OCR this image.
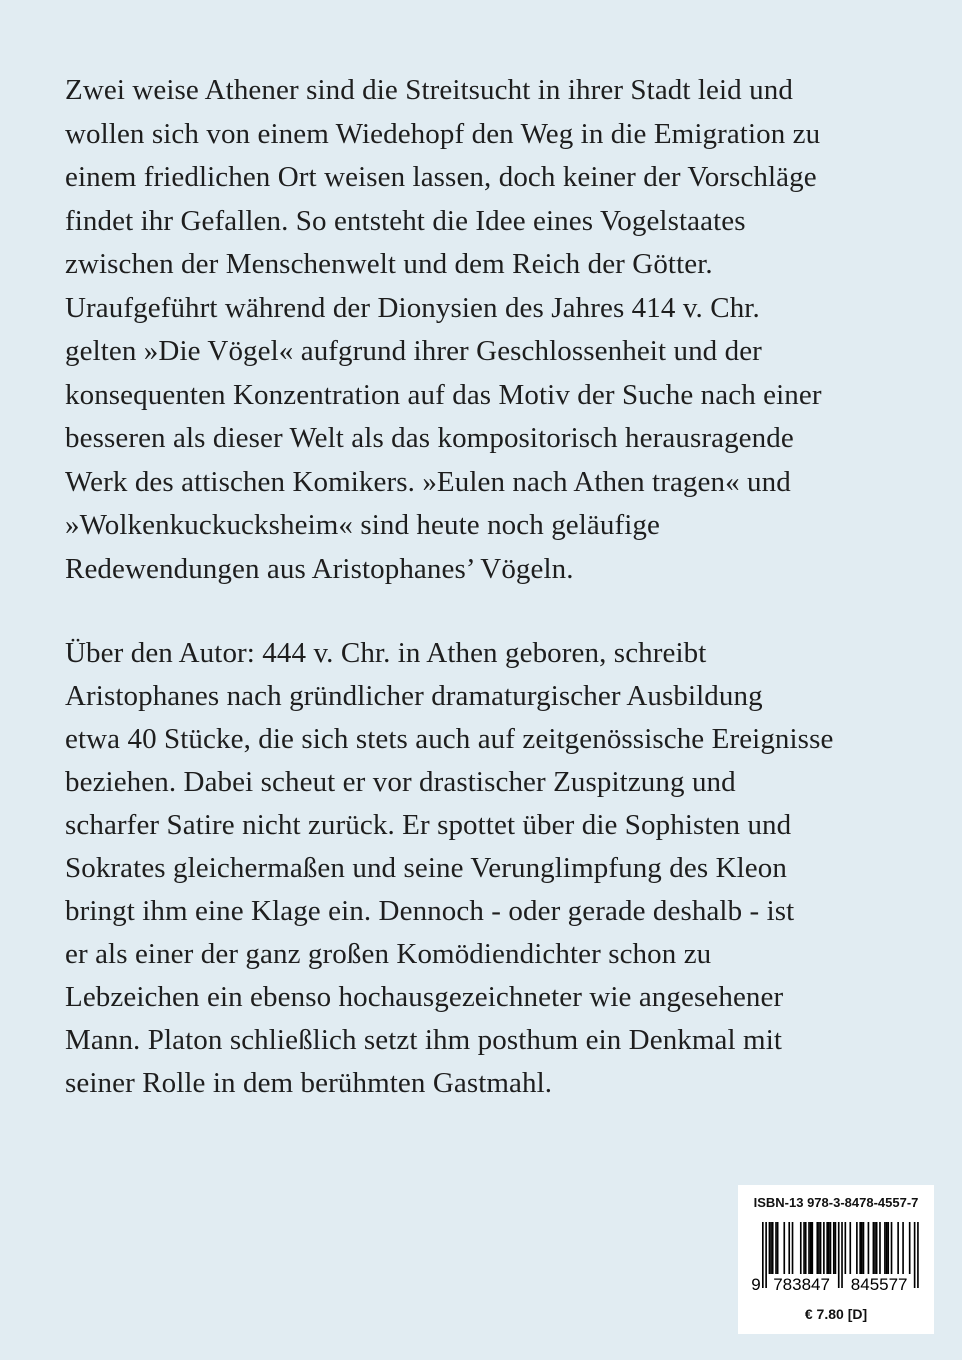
Zwei weise Athener sind die Streitsucht in ihrer Stadt leid und
wollen sich von einem Wiedehopf den Weg in die Emigration zu
einem friedlichen Ort weisen lassen, doch keiner der Vorschläge
findet ihr Gefallen. So entsteht die Idee eines Vogelstaates
zwischen der Menschenwelt und dem Reich der Götter.
Uraufgeführt während der Dionysien des Jahres 414 v. Chr.
gelten »Die Vögel« aufgrund ihrer Geschlossenheit und der
konsequenten Konzentration auf das Motiv der Suche nach einer
besseren als dieser Welt als das kompositorisch herausragende
Werk des attischen Komikers. »Eulen nach Athen tragen« und
»Wolkenkuckucksheim« sind heute noch geläufige
Redewendungen aus Aristophanes’ Vögeln.
Über den Autor: 444 v. Chr. in Athen geboren, schreibt
Aristophanes nach gründlicher dramaturgischer Ausbildung
etwa 40 Stücke, die sich stets auch auf zeitgenössische Ereignisse
beziehen. Dabei scheut er vor drastischer Zuspitzung und
scharfer Satire nicht zurück. Er spottet über die Sophisten und
Sokrates gleichermaßen und seine Verunglimpfung des Kleon
bringt ihm eine Klage ein. Dennoch - oder gerade deshalb - ist
er als einer der ganz großen Komödiendichter schon zu
Lebzeichen ein ebenso hochausgezeichneter wie angesehener
Mann. Platon schließlich setzt ihm posthum ein Denkmal mit
seiner Rolle in dem berühmten Gastmahl.
ISBN-13 978-3-8478-4557-7
9 783847 845577
€ 7.80 [D]
